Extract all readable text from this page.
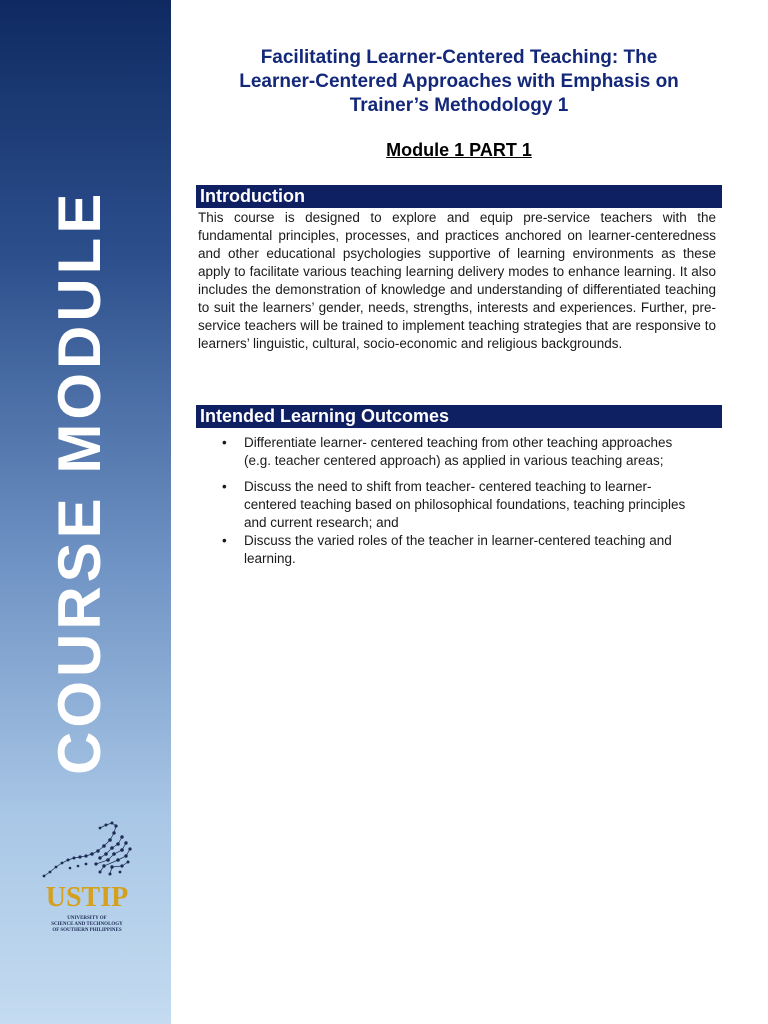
COURSE MODULE
USTIP
UNIVERSITY OF
SCIENCE AND TECHNOLOGY
OF SOUTHERN PHILIPPINES
Facilitating Learner-Centered Teaching: The
Learner-Centered Approaches with Emphasis on
Trainer’s Methodology 1
Module 1 PART 1
Introduction

This course is designed to explore and equip pre-service teachers with the fundamental principles, processes, and practices anchored on learner-centeredness and other educational psychologies supportive of learning environments as these apply to facilitate various teaching learning delivery modes to enhance learning. It also includes the demonstration of knowledge and understanding of differentiated teaching to suit the learners’ gender, needs, strengths, interests and experiences. Further, pre-service teachers will be trained to implement teaching strategies that are responsive to learners’ linguistic, cultural, socio-economic and religious backgrounds.

Intended Learning Outcomes
• Differentiate learner- centered teaching from other teaching approaches (e.g. teacher centered approach) as applied in various teaching areas;
• Discuss the need to shift from teacher- centered teaching to learner-centered teaching based on philosophical foundations, teaching principles and current research; and
• Discuss the varied roles of the teacher in learner-centered teaching and learning.
